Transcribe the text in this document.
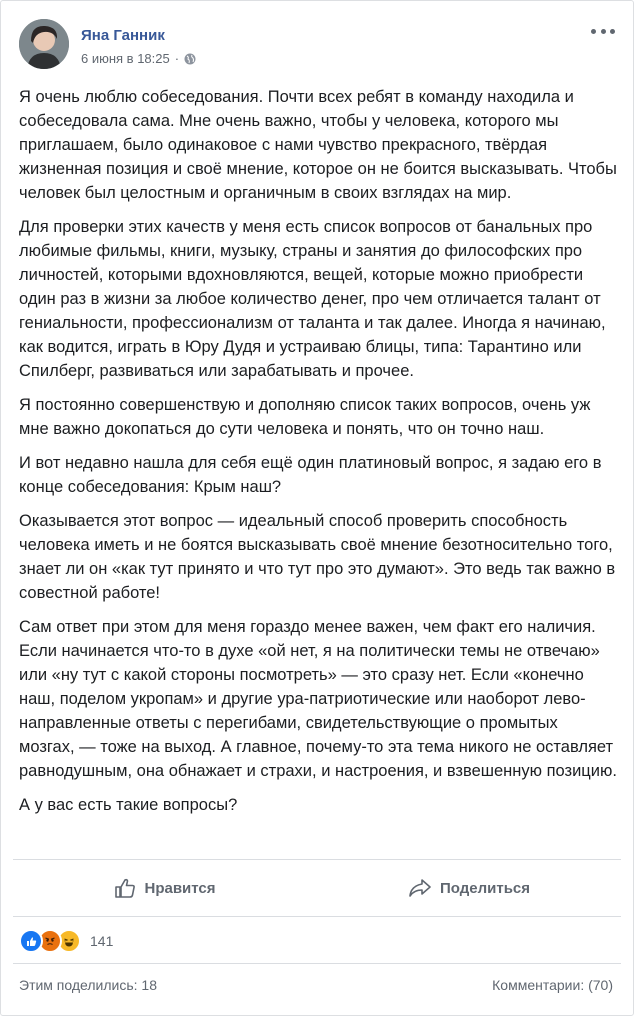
Яна Ганник
6 июня в 18:25 ·

Я очень люблю собеседования. Почти всех ребят в команду находила и собеседовала сама. Мне очень важно, чтобы у человека, которого мы приглашаем, было одинаковое с нами чувство прекрасного, твёрдая жизненная позиция и своё мнение, которое он не боится высказывать. Чтобы человек был целостным и органичным в своих взглядах на мир.

Для проверки этих качеств у меня есть список вопросов от банальных про любимые фильмы, книги, музыку, страны и занятия до философских про личностей, которыми вдохновляются, вещей, которые можно приобрести один раз в жизни за любое количество денег, про чем отличается талант от гениальности, профессионализм от таланта и так далее. Иногда я начинаю, как водится, играть в Юру Дудя и устраиваю блицы, типа: Тарантино или Спилберг, развиваться или зарабатывать и прочее.

Я постоянно совершенствую и дополняю список таких вопросов, очень уж мне важно докопаться до сути человека и понять, что он точно наш.

И вот недавно нашла для себя ещё один платиновый вопрос, я задаю его в конце собеседования: Крым наш?

Оказывается этот вопрос — идеальный способ проверить способность человека иметь и не боятся высказывать своё мнение безотносительно того, знает ли он «как тут принято и что тут про это думают». Это ведь так важно в совестной работе!

Сам ответ при этом для меня гораздо менее важен, чем факт его наличия. Если начинается что-то в духе «ой нет, я на политически темы не отвечаю» или «ну тут с какой стороны посмотреть» — это сразу нет. Если «конечно наш, поделом укропам» и другие ура-патриотические или наоборот лево-направленные ответы с перегибами, свидетельствующие о промытых мозгах, — тоже на выход. А главное, почему-то эта тема никого не оставляет равнодушным, она обнажает и страхи, и настроения, и взвешенную позицию.

А у вас есть такие вопросы?

Нравится	Поделиться
141
Этим поделились: 18	Комментарии: (70)
